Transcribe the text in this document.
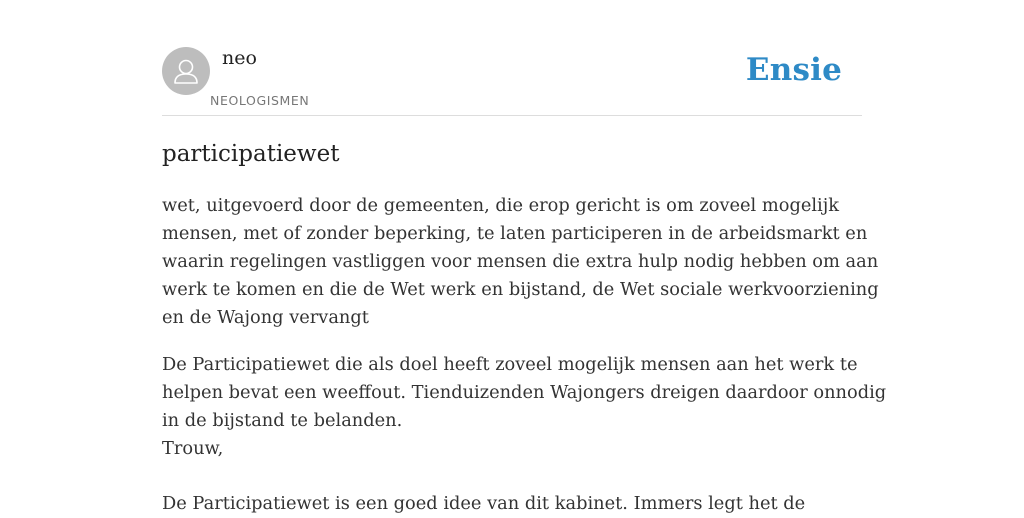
neo
NEOLOGISMEN
Ensie
participatiewet

wet, uitgevoerd door de gemeenten, die erop gericht is om zoveel mogelijk
mensen, met of zonder beperking, te laten participeren in de arbeidsmarkt en
waarin regelingen vastliggen voor mensen die extra hulp nodig hebben om aan
werk te komen en die de Wet werk en bijstand, de Wet sociale werkvoorziening
en de Wajong vervangt

De Participatiewet die als doel heeft zoveel mogelijk mensen aan het werk te
helpen bevat een weeffout. Tienduizenden Wajongers dreigen daardoor onnodig
in de bijstand te belanden.
Trouw,

De Participatiewet is een goed idee van dit kabinet. Immers legt het de
